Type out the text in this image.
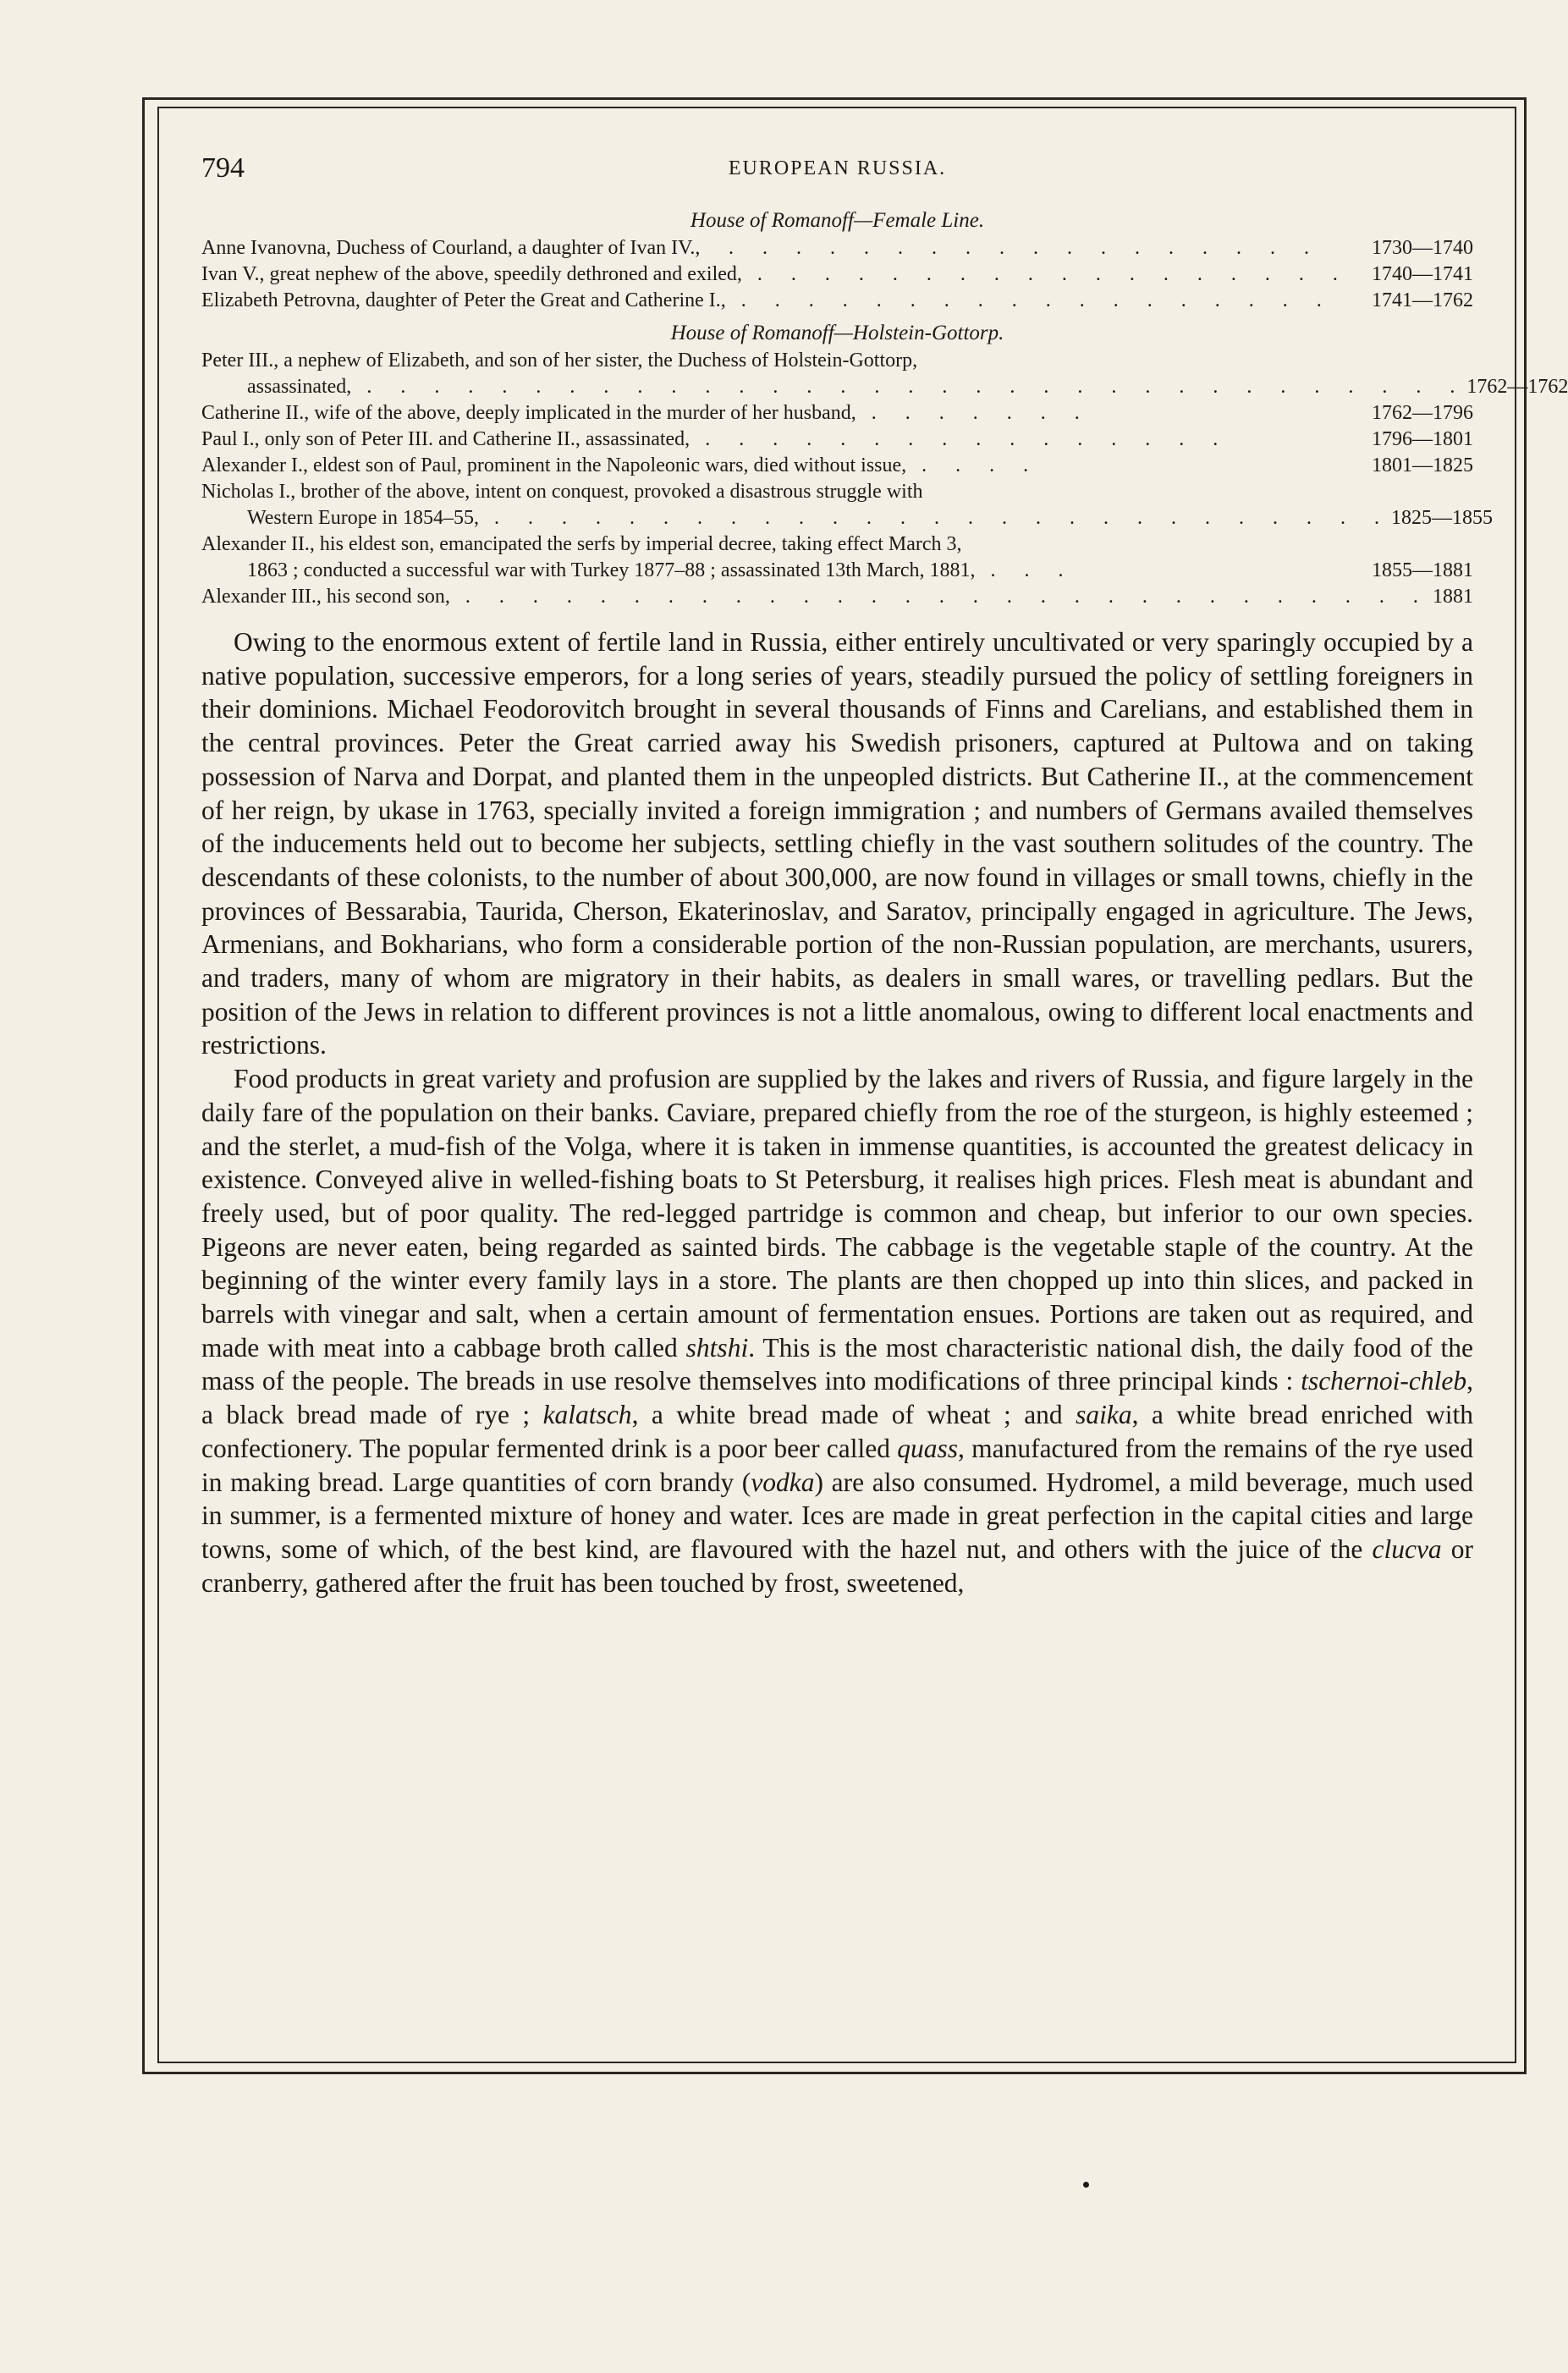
794	EUROPEAN RUSSIA.
House of Romanoff—Female Line.
Anne Ivanovna, Duchess of Courland, a daughter of Ivan IV.,	. . . . . . . . . . . . . . . . . .	1730—1740
Ivan V., great nephew of the above, speedily dethroned and exiled, . . . . . . . . . . . . . . . . . .	1740—1741
Elizabeth Petrovna, daughter of Peter the Great and Catherine I., . . . . . . . . . . . . . . . . . .	1741—1762
House of Romanoff—Holstein-Gottorp.
Peter III., a nephew of Elizabeth, and son of her sister, the Duchess of Holstein-Gottorp,
assassinated, . . . . . . . . . . . . . . . . . . . . . . . . . . . . . . . . . 1762—1762
Catherine II., wife of the above, deeply implicated in the murder of her husband, . . . . . . .	1762—1796
Paul I., only son of Peter III. and Catherine II., assassinated, . . . . . . . . . . . . . . . .	1796—1801
Alexander I., eldest son of Paul, prominent in the Napoleonic wars, died without issue, . . . .	1801—1825
Nicholas I., brother of the above, intent on conquest, provoked a disastrous struggle with
Western Europe in 1854–55, . . . . . . . . . . . . . . . . . . . . . . . . . . . 1825—1855
Alexander II., his eldest son, emancipated the serfs by imperial decree, taking effect March 3,
1863 ; conducted a successful war with Turkey 1877–88 ; assassinated 13th March, 1881, . . .	1855—1881
Alexander III., his second son, . . . . . . . . . . . . . . . . . . . . . . . . . . . . . 1881

Owing to the enormous extent of fertile land in Russia, either entirely uncultivated or very sparingly occupied by a native population, successive emperors, for a long series of years, steadily pursued the policy of settling foreigners in their dominions. Michael Feodorovitch brought in several thousands of Finns and Carelians, and established them in the central provinces. Peter the Great carried away his Swedish prisoners, captured at Pultowa and on taking possession of Narva and Dorpat, and planted them in the unpeopled districts. But Catherine II., at the commencement of her reign, by ukase in 1763, specially invited a foreign immigration ; and numbers of Germans availed themselves of the inducements held out to become her subjects, settling chiefly in the vast southern solitudes of the country. The descendants of these colonists, to the number of about 300,000, are now found in villages or small towns, chiefly in the provinces of Bessarabia, Taurida, Cherson, Ekaterinoslav, and Saratov, principally engaged in agriculture. The Jews, Armenians, and Bokharians, who form a considerable portion of the non-Russian population, are merchants, usurers, and traders, many of whom are migratory in their habits, as dealers in small wares, or travelling pedlars. But the position of the Jews in relation to different provinces is not a little anomalous, owing to different local enactments and restrictions.

Food products in great variety and profusion are supplied by the lakes and rivers of Russia, and figure largely in the daily fare of the population on their banks. Caviare, prepared chiefly from the roe of the sturgeon, is highly esteemed ; and the sterlet, a mud-fish of the Volga, where it is taken in immense quantities, is accounted the greatest delicacy in existence. Conveyed alive in welled-fishing boats to St Petersburg, it realises high prices. Flesh meat is abundant and freely used, but of poor quality. The red-legged partridge is common and cheap, but inferior to our own species. Pigeons are never eaten, being regarded as sainted birds. The cabbage is the vegetable staple of the country. At the beginning of the winter every family lays in a store. The plants are then chopped up into thin slices, and packed in barrels with vinegar and salt, when a certain amount of fermentation ensues. Portions are taken out as required, and made with meat into a cabbage broth called shtshi. This is the most characteristic national dish, the daily food of the mass of the people. The breads in use resolve themselves into modifications of three principal kinds : tschernoi-chleb, a black bread made of rye ; kalatsch, a white bread made of wheat ; and saika, a white bread enriched with confectionery. The popular fermented drink is a poor beer called quass, manufactured from the remains of the rye used in making bread. Large quantities of corn brandy (vodka) are also consumed. Hydromel, a mild beverage, much used in summer, is a fermented mixture of honey and water. Ices are made in great perfection in the capital cities and large towns, some of which, of the best kind, are flavoured with the hazel nut, and others with the juice of the clucva or cranberry, gathered after the fruit has been touched by frost, sweetened,
